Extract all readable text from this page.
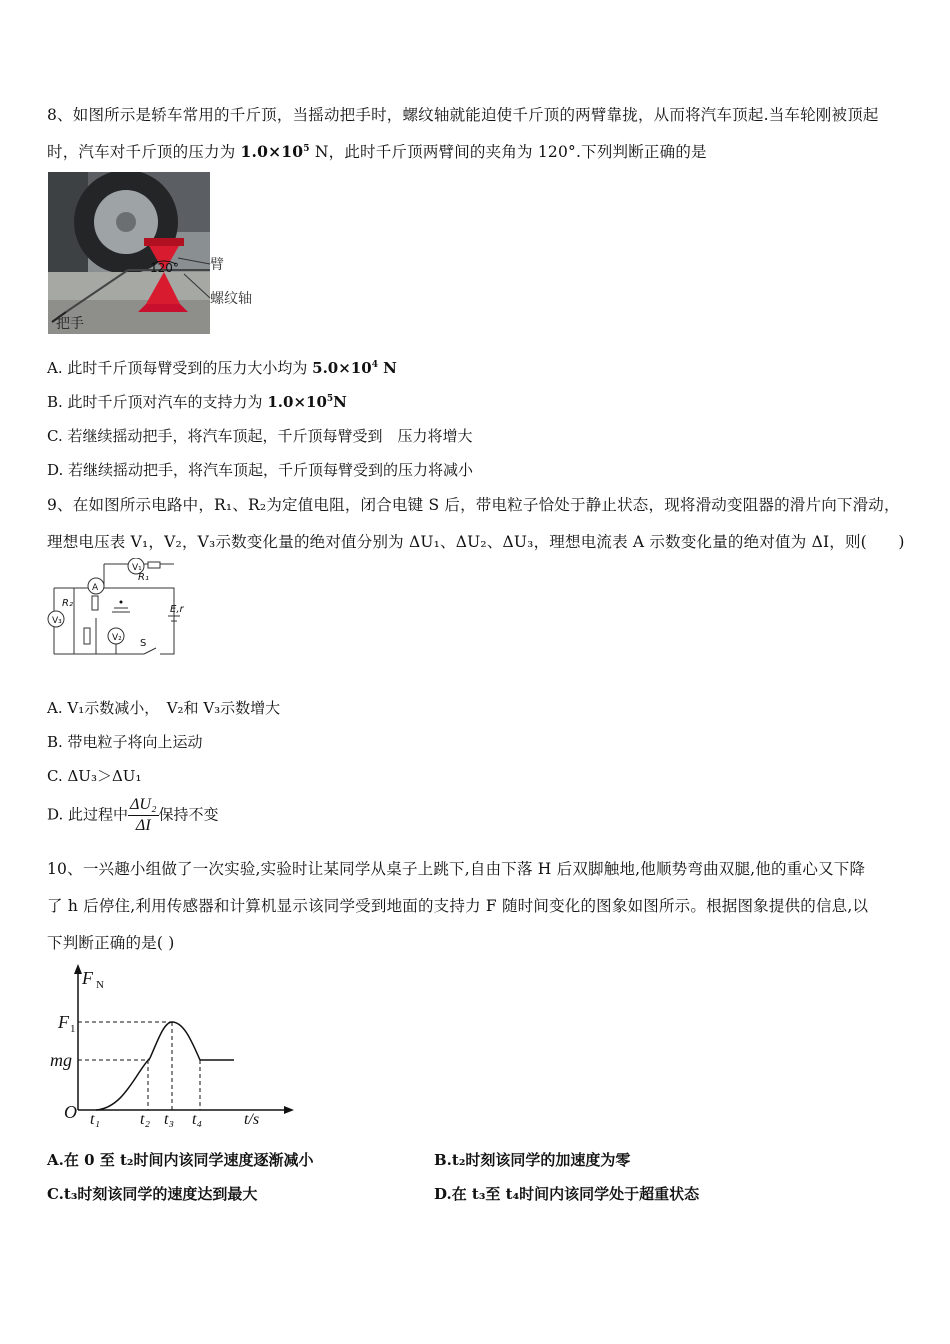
8、如图所示是轿车常用的千斤顶，当摇动把手时，螺纹轴就能迫使千斤顶的两臂靠拢，从而将汽车顶起.当车轮刚被顶起
时，汽车对千斤顶的压力为 $1.0\times 10^5$ N，此时千斤顶两臂间的夹角为 120°.下列判断正确的是
120° 臂
螺纹轴
把手
A. 此时千斤顶每臂受到的压力大小均为 $5.0\times 10^4$ N
B. 此时千斤顶对汽车的支持力为 $1.0\times 10^5N$
C. 若继续摇动把手，将汽车顶起，千斤顶每臂受到　压力将增大
D. 若继续摇动把手，将汽车顶起，千斤顶每臂受到的压力将减小
9、在如图所示电路中，R₁、R₂为定值电阻，闭合电键 S 后，带电粒子恰处于静止状态，现将滑动变阻器的滑片向下滑动，
理想电压表 V₁，V₂，V₃示数变化量的绝对值分别为 ΔU₁、ΔU₂、ΔU₃，理想电流表 A 示数变化量的绝对值为 ΔI，则(　　)
V₃
A
V₁
V₂
R₁
R₂
E,r
S
A. V₁示数减小，　V₂和 V₃示数增大
B. 带电粒子将向上运动
C. ΔU₃＞ΔU₁
D. 此过程中 $\frac{\text{ΔU₂}}{\Delta I}$ 保持不变
10、一兴趣小组做了一次实验,实验时让某同学从桌子上跳下,自由下落 H 后双脚触地,他顺势弯曲双腿,他的重心又下降
了 h 后停住,利用传感器和计算机显示该同学受到地面的支持力 F 随时间变化的图象如图所示。根据图象提供的信息,以
下判断正确的是( )
F N
F 1
mg
O t₁ t₂ t₃ t₄	t/s
A.在 0 至 t₂时间内该同学速度逐渐减小	B.t₂时刻该同学的加速度为零
C.t₃时刻该同学的速度达到最大	D.在 t₃至 t₄时间内该同学处于超重状态
